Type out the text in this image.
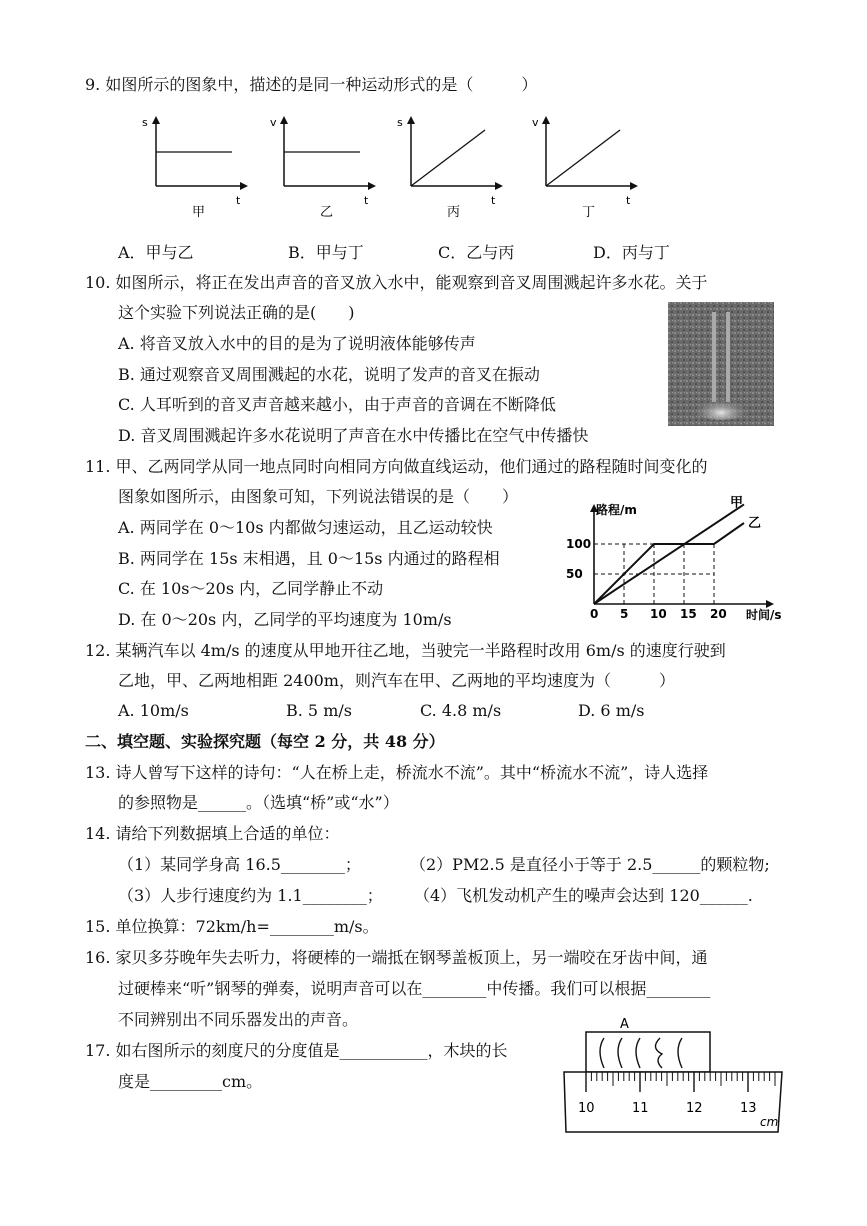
9. 如图所示的图象中，描述的是同一种运动形式的是（　　　）
s
t
甲
v
t
乙
s
t
丙
v
t
丁
A．甲与乙	B．甲与丁	C．乙与丙	D．丙与丁
10. 如图所示，将正在发出声音的音叉放入水中，能观察到音叉周围溅起许多水花。关于
这个实验下列说法正确的是(　　)
A. 将音叉放入水中的目的是为了说明液体能够传声
B. 通过观察音叉周围溅起的水花，说明了发声的音叉在振动
C. 人耳听到的音叉声音越来越小，由于声音的音调在不断降低
D. 音叉周围溅起许多水花说明了声音在水中传播比在空气中传播快
11. 甲、乙两同学从同一地点同时向相同方向做直线运动，他们通过的路程随时间变化的
图象如图所示，由图象可知，下列说法错误的是（　　）
A. 两同学在 0～10s 内都做匀速运动，且乙运动较快
B. 两同学在 15s 末相遇，且 0～15s 内通过的路程相
C. 在 10s～20s 内，乙同学静止不动
D. 在 0～20s 内，乙同学的平均速度为 10m/s	0 5 10 15 20
50
100
路程/m
时间/s
甲
乙
12. 某辆汽车以 4m/s 的速度从甲地开往乙地，当驶完一半路程时改用 6m/s 的速度行驶到
乙地，甲、乙两地相距 2400m，则汽车在甲、乙两地的平均速度为（　　　）
A. 10m/s	B. 5 m/s	C. 4.8 m/s	D. 6 m/s
二、填空题、实验探究题（每空 2 分，共 48 分）
13. 诗人曾写下这样的诗句：“人在桥上走，桥流水不流”。其中“桥流水不流”，诗人选择
的参照物是______。（选填“桥”或“水”）
14. 请给下列数据填上合适的单位：
（1）某同学身高 16.5________；	（2）PM2.5 是直径小于等于 2.5______的颗粒物;
（3）人步行速度约为 1.1________； （4）飞机发动机产生的噪声会达到 120______.
15. 单位换算：72km/h=________m/s。
16. 家贝多芬晚年失去听力，将硬棒的一端抵在钢琴盖板顶上，另一端咬在牙齿中间，通
过硬棒来“听”钢琴的弹奏，说明声音可以在________中传播。我们可以根据________
不同辨别出不同乐器发出的声音。
17. 如右图所示的刻度尺的分度值是___________，木块的长
度是_________cm。
A
10	11	12	13
cm
